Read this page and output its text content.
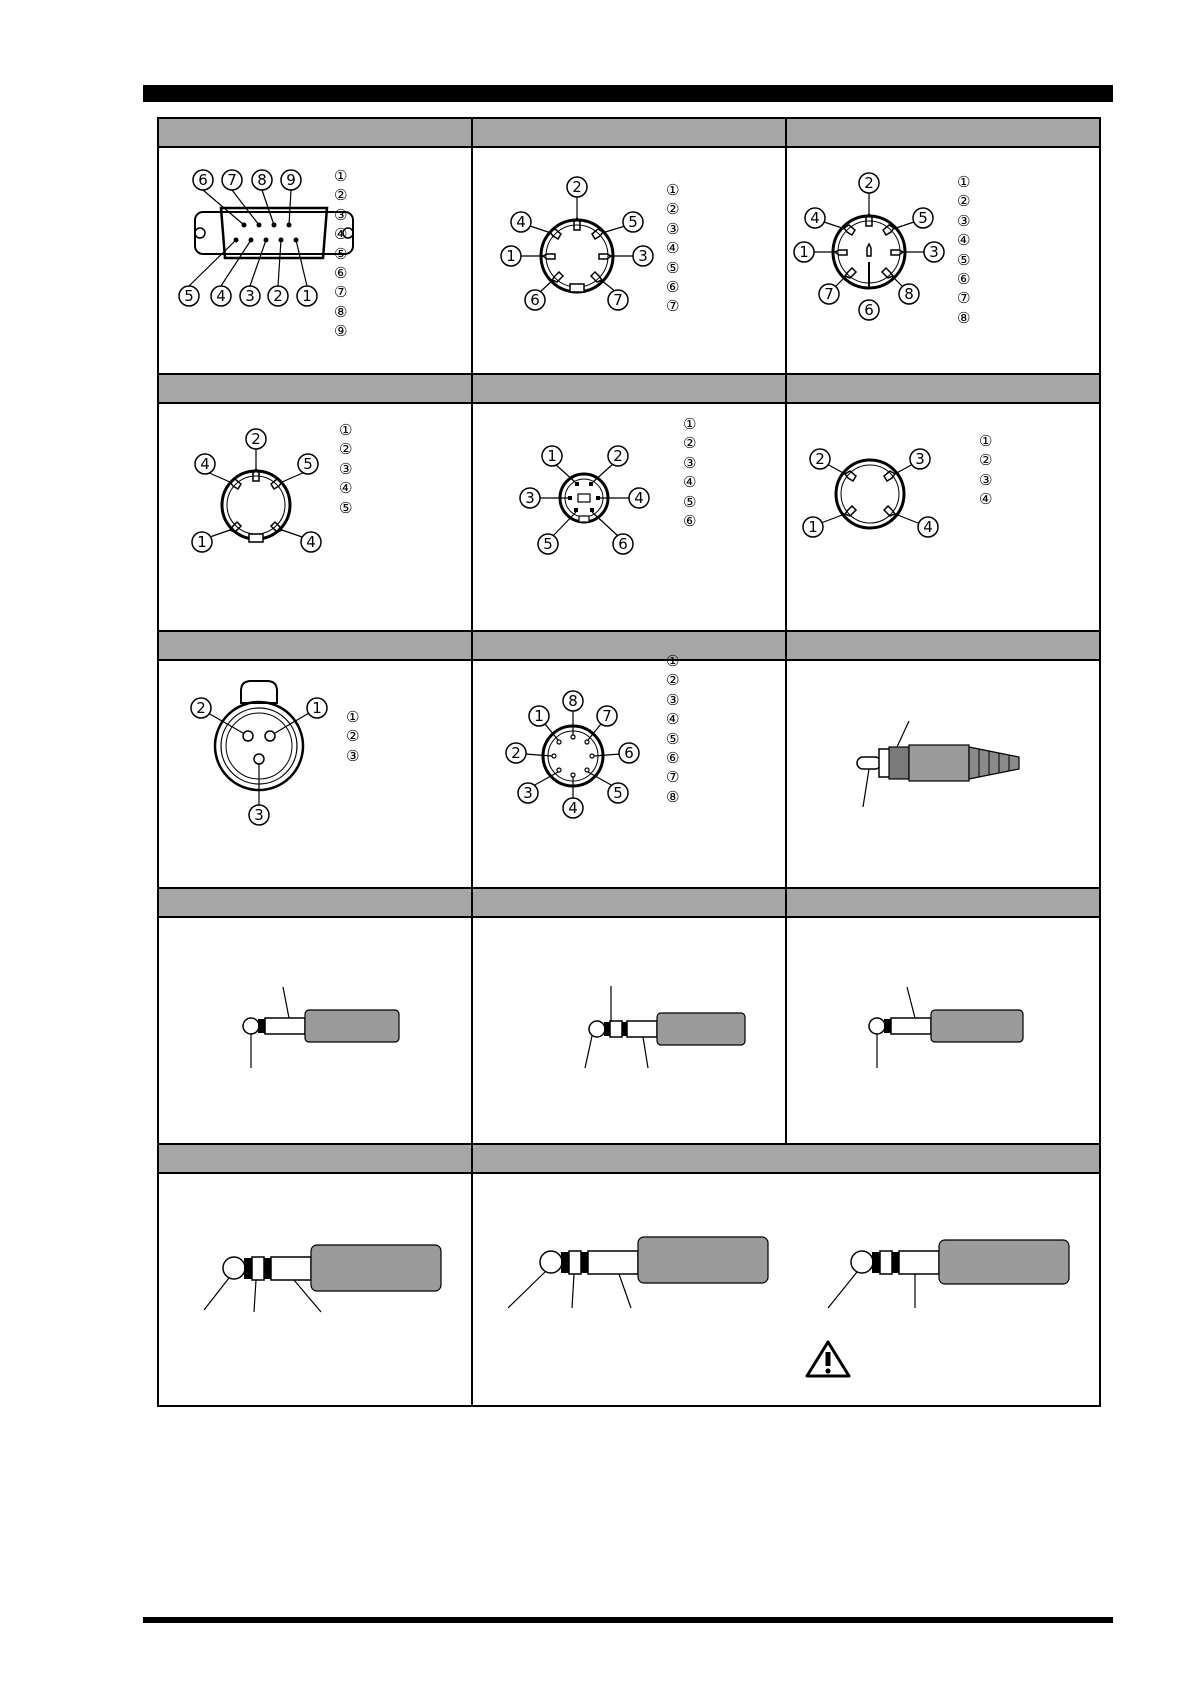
6 7 8 9
5 4 3 2 1
①
②
③
④
⑤
⑥
⑦
⑧
⑨
2
4	5
1	3
6	7
①
②
③
④
⑤
⑥
⑦
2
4	5
1	3
7	8
6
①
②
③
④
⑤
⑥
⑦
⑧
2
4	5
1	4
①
②
③
④
⑤
1	2
3	4
5	6
①
②
③
④
⑤
⑥
2	3
1	4
①
②
③
④
2	1
3
①
②
③
8
1	7
2	6
3	5
4
①
②
③
④
⑤
⑥
⑦
⑧
